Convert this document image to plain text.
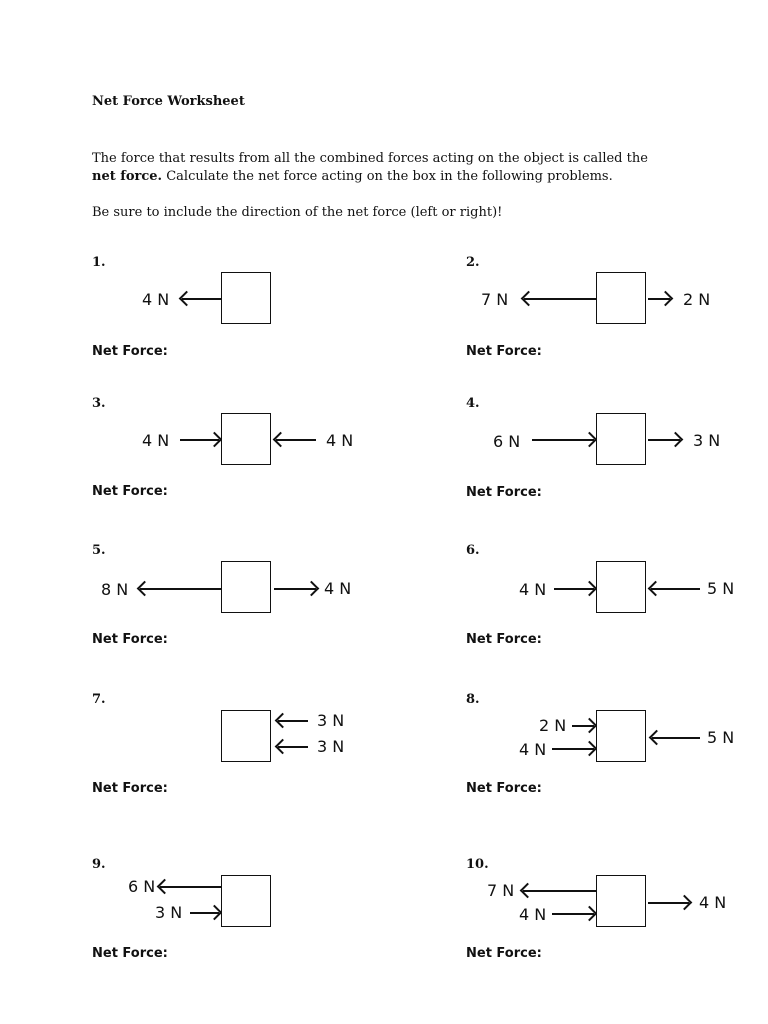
Net Force Worksheet
The force that results from all the combined forces acting on the object is called the net force. Calculate the net force acting on the box in the following problems.
Be sure to include the direction of the net force (left or right)!
1.
4 N
Net Force:
2.
7 N	2 N
Net Force:
3.
4 N	4 N
Net Force:
4.
6 N	3 N
Net Force:
5.
8 N	4 N
Net Force:
6.
4 N	5 N
Net Force:
7.
3 N
3 N
Net Force:
8.
2 N
4 N
5 N
Net Force:
9.
6 N
3 N
Net Force:
10.
7 N
4 N
4 N
Net Force:
